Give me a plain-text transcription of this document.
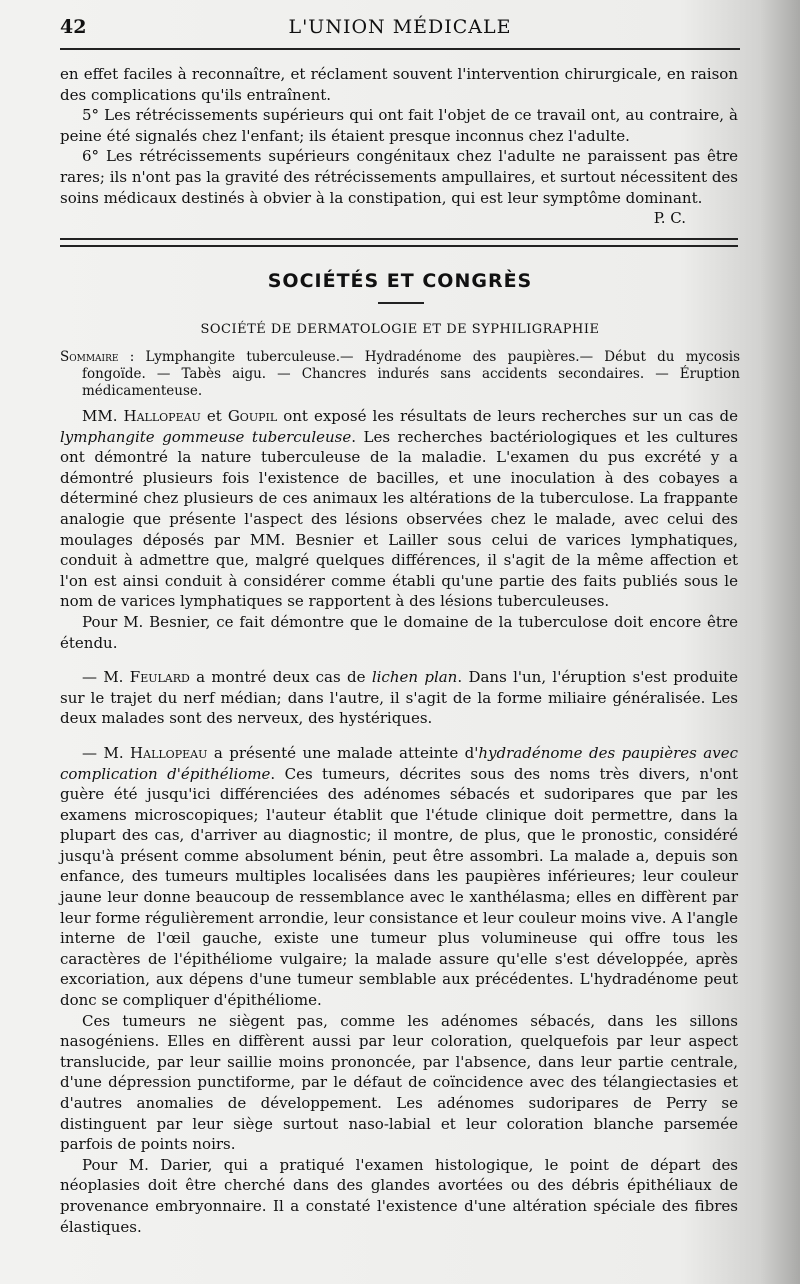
42	L'UNION MÉDICALE

en effet faciles à reconnaître, et réclament souvent l'intervention chirurgicale, en raison des complications qu'ils entraînent.

5° Les rétrécissements supérieurs qui ont fait l'objet de ce travail ont, au contraire, à peine été signalés chez l'enfant; ils étaient presque inconnus chez l'adulte.

6° Les rétrécissements supérieurs congénitaux chez l'adulte ne paraissent pas être rares; ils n'ont pas la gravité des rétrécissements ampullaires, et surtout nécessitent des soins médicaux destinés à obvier à la constipation, qui est leur symptôme dominant.

P. C.

SOCIÉTÉS ET CONGRÈS
SOCIÉTÉ DE DERMATOLOGIE ET DE SYPHILIGRAPHIE
Sommaire : Lymphangite tuberculeuse.— Hydradénome des paupières.— Début du mycosis fongoïde. — Tabès aigu. — Chancres indurés sans accidents secondaires. — Éruption médicamenteuse.

MM. Hallopeau et Goupil ont exposé les résultats de leurs recherches sur un cas de lymphangite gommeuse tuberculeuse. Les recherches bactériologiques et les cultures ont démontré la nature tuberculeuse de la maladie. L'examen du pus excrété y a démontré plusieurs fois l'existence de bacilles, et une inoculation à des cobayes a déterminé chez plusieurs de ces animaux les altérations de la tuberculose. La frappante analogie que présente l'aspect des lésions observées chez le malade, avec celui des moulages déposés par MM. Besnier et Lailler sous celui de varices lymphatiques, conduit à admettre que, malgré quelques différences, il s'agit de la même affection et l'on est ainsi conduit à considérer comme établi qu'une partie des faits publiés sous le nom de varices lymphatiques se rapportent à des lésions tuberculeuses.

Pour M. Besnier, ce fait démontre que le domaine de la tuberculose doit encore être étendu.

— M. Feulard a montré deux cas de lichen plan. Dans l'un, l'éruption s'est produite sur le trajet du nerf médian; dans l'autre, il s'agit de la forme miliaire généralisée. Les deux malades sont des nerveux, des hystériques.

— M. Hallopeau a présenté une malade atteinte d'hydradénome des paupières avec complication d'épithéliome. Ces tumeurs, décrites sous des noms très divers, n'ont guère été jusqu'ici différenciées des adénomes sébacés et sudoripares que par les examens microscopiques; l'auteur établit que l'étude clinique doit permettre, dans la plupart des cas, d'arriver au diagnostic; il montre, de plus, que le pronostic, considéré jusqu'à présent comme absolument bénin, peut être assombri. La malade a, depuis son enfance, des tumeurs multiples localisées dans les paupières inférieures; leur couleur jaune leur donne beaucoup de ressemblance avec le xanthélasma; elles en diffèrent par leur forme régulièrement arrondie, leur consistance et leur couleur moins vive. A l'angle interne de l'œil gauche, existe une tumeur plus volumineuse qui offre tous les caractères de l'épithéliome vulgaire; la malade assure qu'elle s'est développée, après excoriation, aux dépens d'une tumeur semblable aux précédentes. L'hydradénome peut donc se compliquer d'épithéliome.

Ces tumeurs ne siègent pas, comme les adénomes sébacés, dans les sillons nasogéniens. Elles en diffèrent aussi par leur coloration, quelquefois par leur aspect translucide, par leur saillie moins prononcée, par l'absence, dans leur partie centrale, d'une dépression punctiforme, par le défaut de coïncidence avec des télangiectasies et d'autres anomalies de développement. Les adénomes sudoripares de Perry se distinguent par leur siège surtout naso-labial et leur coloration blanche parsemée parfois de points noirs.

Pour M. Darier, qui a pratiqué l'examen histologique, le point de départ des néoplasies doit être cherché dans des glandes avortées ou des débris épithéliaux de provenance embryonnaire. Il a constaté l'existence d'une altération spéciale des fibres élastiques.
